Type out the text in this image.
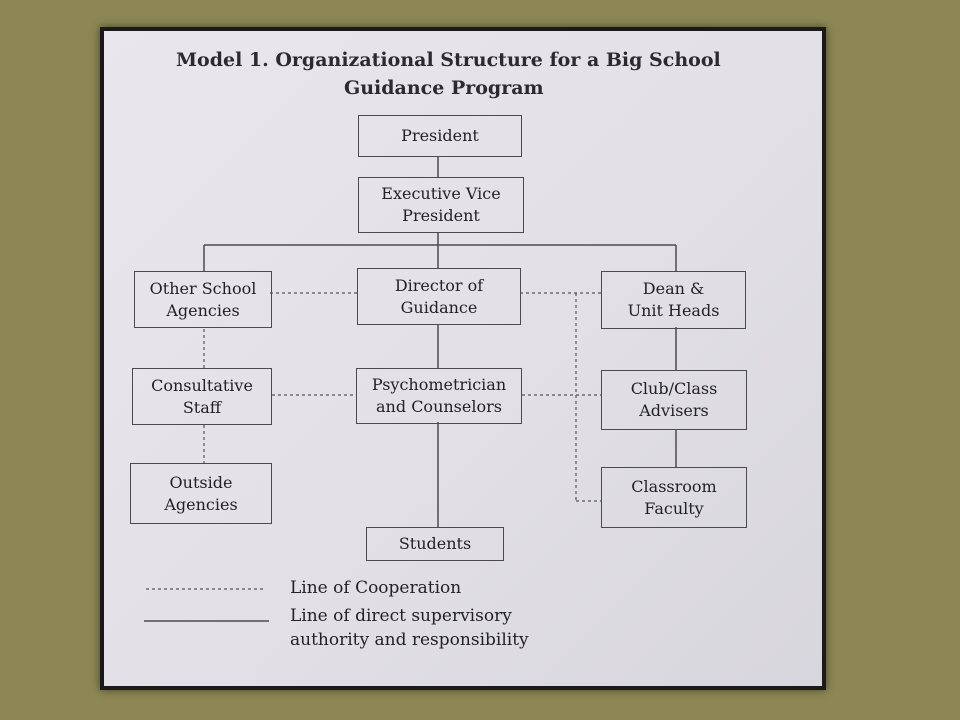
Model 1. Organizational Structure for a Big School
Guidance Program
President
Executive Vice
President
Other School
Agencies
Director of
Guidance
Dean &
Unit Heads
Consultative
Staff
Psychometrician
and Counselors
Club/Class
Advisers
Outside
Agencies
Classroom
Faculty
Students
Line of Cooperation
Line of direct supervisory
authority and responsibility
